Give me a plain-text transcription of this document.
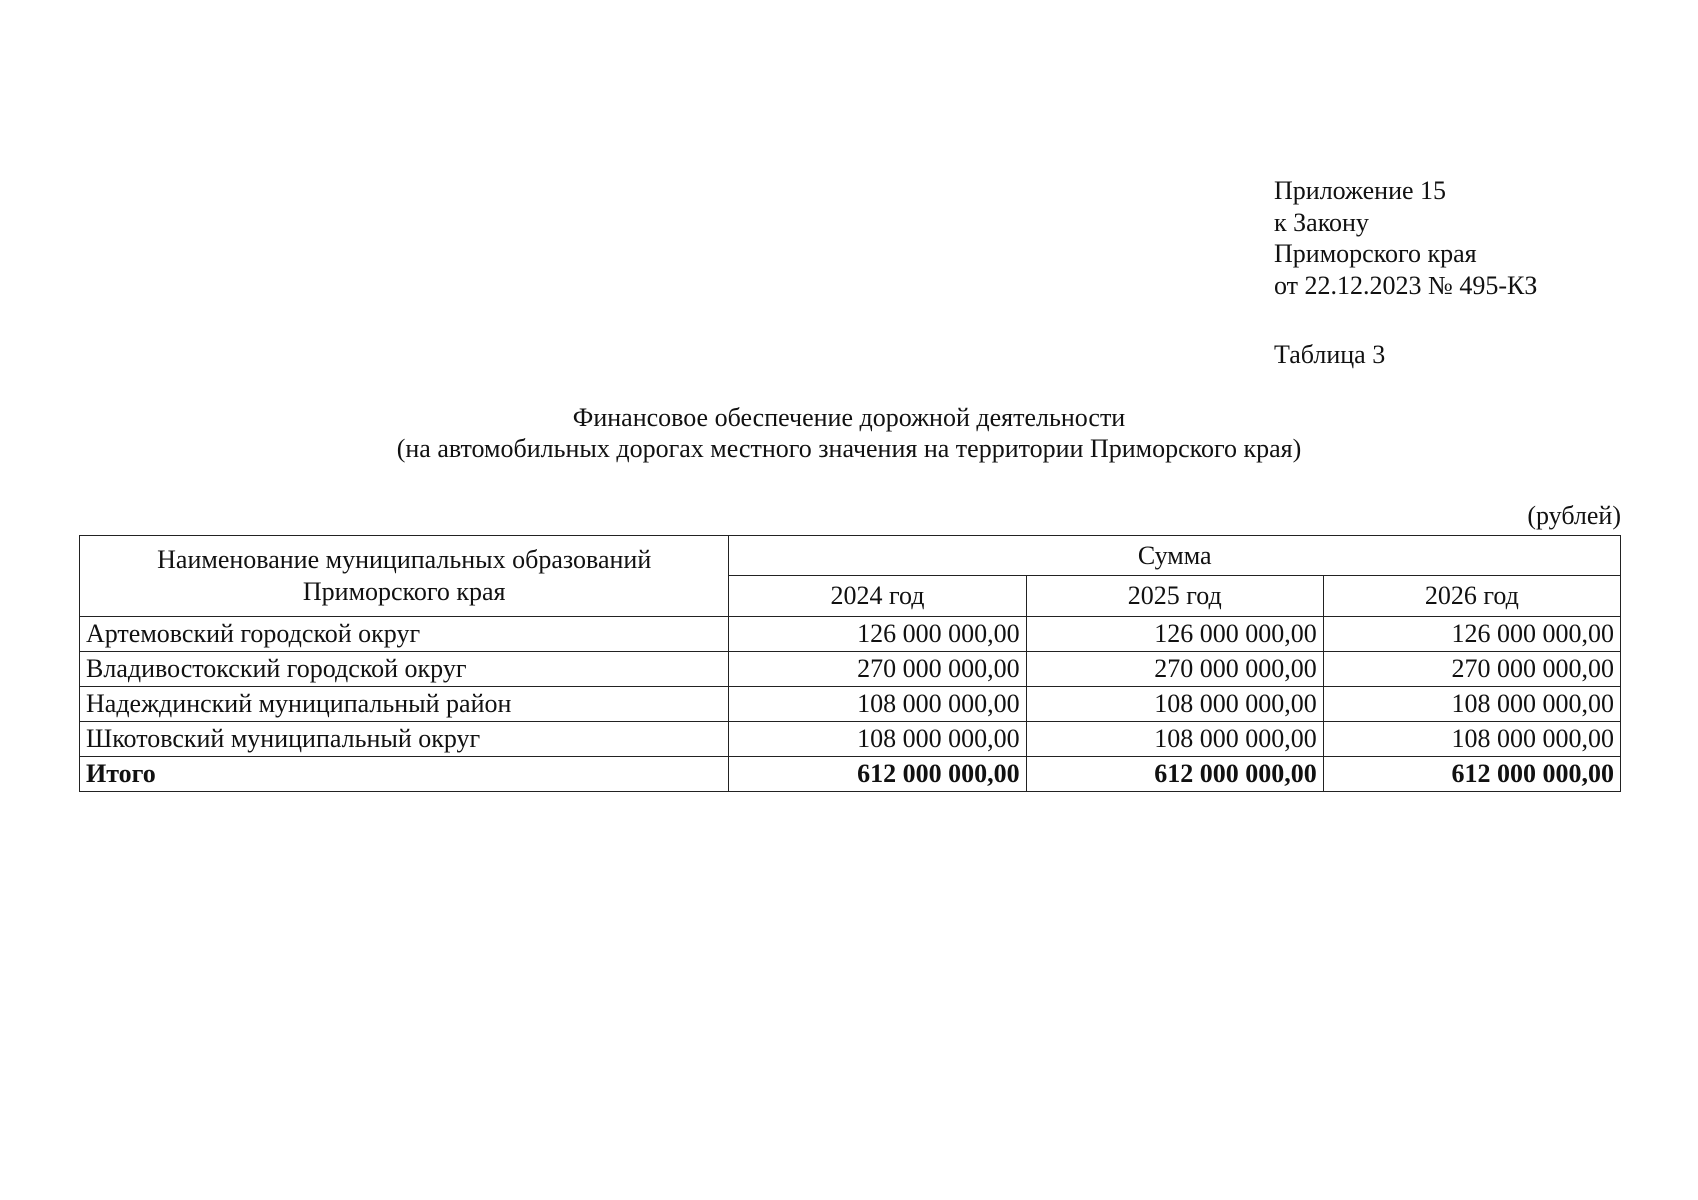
Приложение 15
к Закону
Приморского края
от 22.12.2023 № 495-КЗ
Таблица 3
Финансовое обеспечение дорожной деятельности
(на автомобильных дорогах местного значения на территории Приморского края)
(рублей)
Наименование муниципальных образований
Приморского края	Сумма		
	2024 год	2025 год	2026 год
Артемовский городской округ	126 000 000,00	126 000 000,00	126 000 000,00
Владивостокский городской округ	270 000 000,00	270 000 000,00	270 000 000,00
Надеждинский муниципальный район	108 000 000,00	108 000 000,00	108 000 000,00
Шкотовский муниципальный округ	108 000 000,00	108 000 000,00	108 000 000,00
Итого	612 000 000,00	612 000 000,00	612 000 000,00
